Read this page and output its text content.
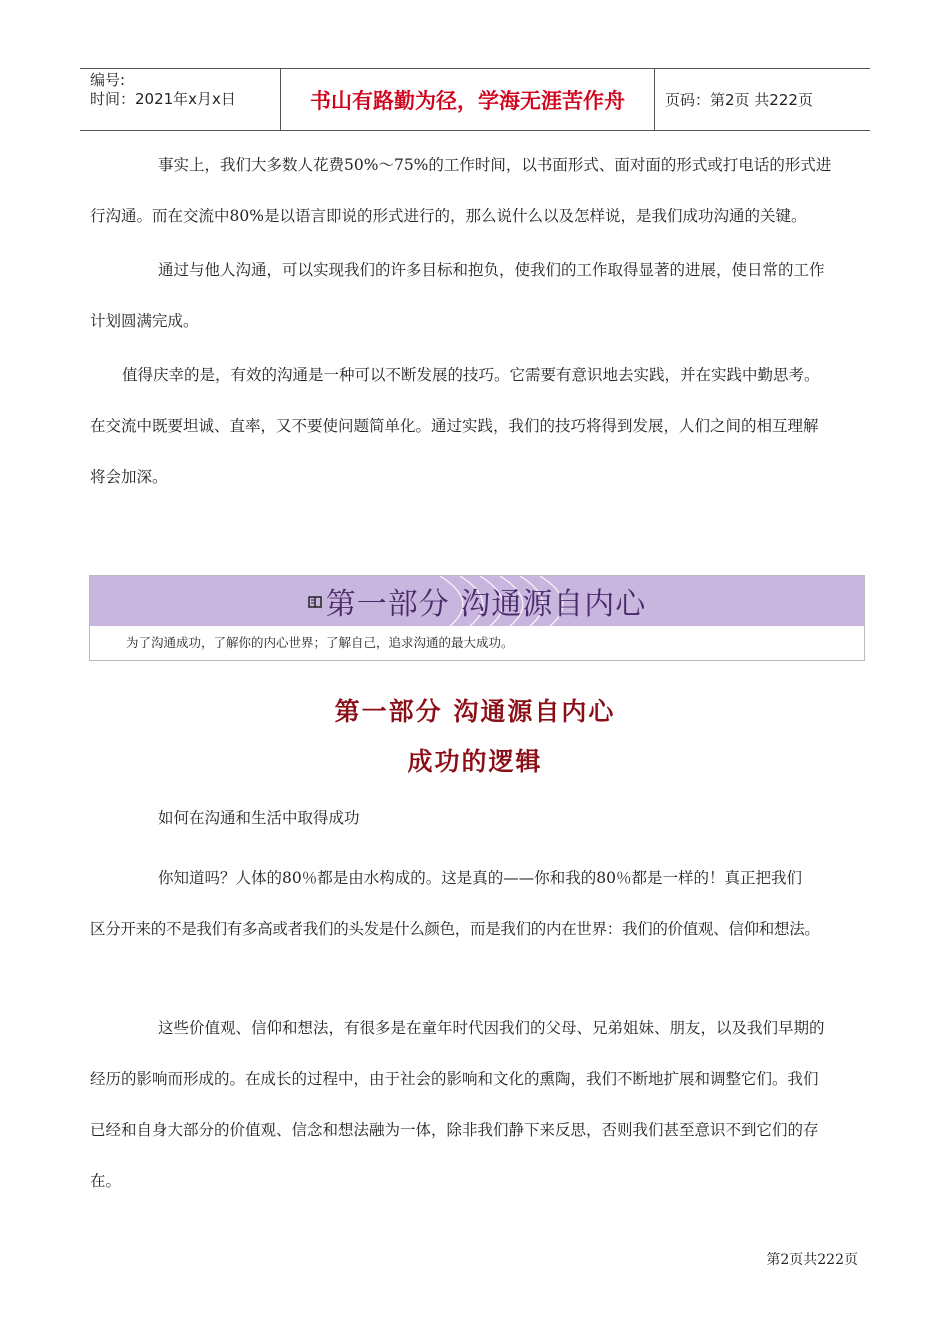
编号:
时间：2021年x月x日	书山有路勤为径，学海无涯苦作舟	页码：第2页 共222页

事实上，我们大多数人花费50%～75%的工作时间，以书面形式、面对面的形式或打电话的形式进
行沟通。而在交流中80%是以语言即说的形式进行的，那么说什么以及怎样说，是我们成功沟通的关键。

通过与他人沟通，可以实现我们的许多目标和抱负，使我们的工作取得显著的进展，使日常的工作
计划圆满完成。

值得庆幸的是，有效的沟通是一种可以不断发展的技巧。它需要有意识地去实践，并在实践中勤思考。
在交流中既要坦诚、直率，又不要使问题简单化。通过实践，我们的技巧将得到发展，人们之间的相互理解
将会加深。

第一部分 沟通源自内心
为了沟通成功，了解你的内心世界；了解自己，追求沟通的最大成功。
第一部分 沟通源自内心
成功的逻辑

如何在沟通和生活中取得成功

你知道吗？人体的80％都是由水构成的。这是真的——你和我的80％都是一样的！真正把我们
区分开来的不是我们有多高或者我们的头发是什么颜色，而是我们的内在世界：我们的价值观、信仰和想法。

这些价值观、信仰和想法，有很多是在童年时代因我们的父母、兄弟姐妹、朋友，以及我们早期的
经历的影响而形成的。在成长的过程中，由于社会的影响和文化的熏陶，我们不断地扩展和调整它们。我们
已经和自身大部分的价值观、信念和想法融为一体，除非我们静下来反思，否则我们甚至意识不到它们的存
在。

第2页共222页
